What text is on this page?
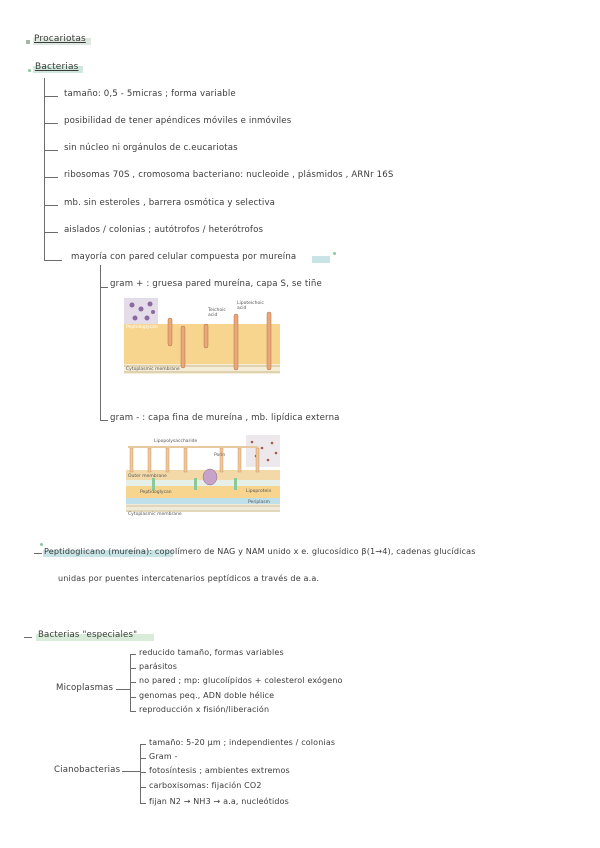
Procariotas
Bacterias
tamaño: 0,5 - 5micras ; forma variable
posibilidad de tener apéndices móviles e inmóviles
sin núcleo ni orgánulos de c.eucariotas
ribosomas 70S , cromosoma bacteriano: nucleoide , plásmidos , ARNr 16S
mb. sin esteroles , barrera osmótica y selectiva
aislados / colonias ; autótrofos / heterótrofos
mayoría con pared celular compuesta por mureína
gram + : gruesa pared mureína, capa S, se tiñe
gram - : capa fina de mureína , mb. lipídica externa
Peptidoglycan
Teichoic acid
Lipoteichoic acid
Cytoplasmic membrane
Lipopolysaccharide
Porin
Outer membrane
Peptidoglycan	Lipoprotein
Periplasm
Cytoplasmic membrane
Peptidoglicano (mureína): copolímero de NAG y NAM unido x e. glucosídico β(1→4), cadenas glucídicas
unidas por puentes intercatenarios peptídicos a través de a.a.
Bacterias "especiales"
Micoplasmas
reducido tamaño, formas variables
parásitos
no pared ; mp: glucolípidos + colesterol exógeno
genomas peq., ADN doble hélice
reproducción x fisión/liberación
Cianobacterias
tamaño: 5-20 μm ; independientes / colonias
Gram -
fotosíntesis ; ambientes extremos
carboxisomas: fijación CO2
fijan N2 → NH3 → a.a, nucleótidos
